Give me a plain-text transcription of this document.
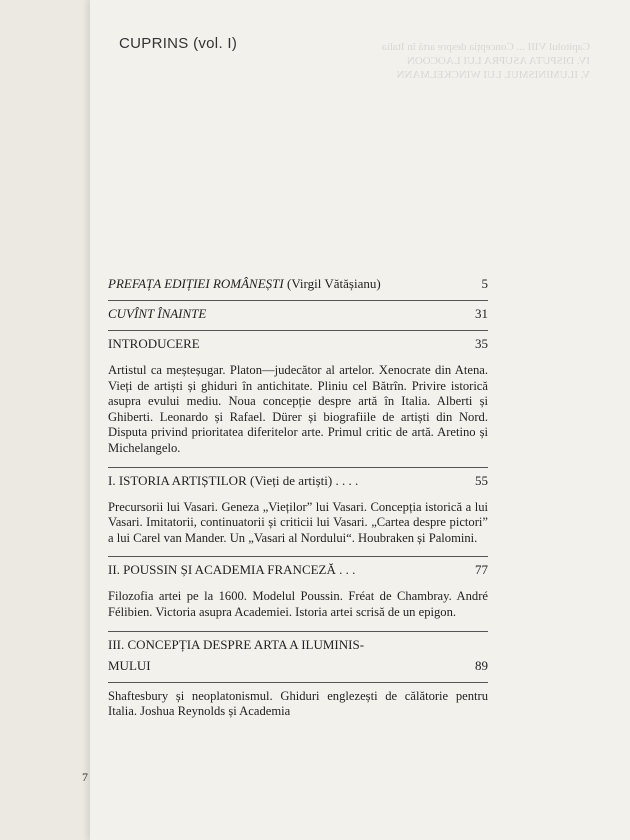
Capitolul VIII ... Concepția despre artă în Italia
IV. DISPUTA ASUPRA LUI LAOCOON
V. ILUMINISMUL LUI WINCKELMANN
CUPRINS (vol. I)
PREFAȚA EDIȚIEI ROMÂNEȘTI (Virgil Vătășianu)	5
CUVÎNT ÎNAINTE	31
INTRODUCERE	35
Artistul ca meșteșugar. Platon—judecător al artelor. Xenocrate din Atena. Vieți de artiști și ghiduri în antichitate. Pliniu cel Bătrîn. Privire istorică asupra evului mediu. Noua concepție despre artă în Italia. Alberti și Ghiberti. Leonardo și Rafael. Dürer și biografiile de artiști din Nord. Disputa privind prioritatea diferitelor arte. Primul critic de artă. Aretino și Michelangelo.
I. ISTORIA ARTIȘTILOR (Vieți de artiști) . . . .	55
Precursorii lui Vasari. Geneza „Viețilorˮ lui Vasari. Concepția istorică a lui Vasari. Imitatorii, continuatorii și criticii lui Vasari. „Cartea despre pictoriˮ a lui Carel van Mander. Un „Vasari al Nordului“. Houbraken și Palomini.
II. POUSSIN ȘI ACADEMIA FRANCEZĂ . . .	77
Filozofia artei pe la 1600. Modelul Poussin. Fréat de Chambray. André Félibien. Victoria asupra Academiei. Istoria artei scrisă de un epigon.
III. CONCEPȚIA DESPRE ARTA A ILUMINIS-
MULUI	89
Shaftesbury și neoplatonismul. Ghiduri englezești de călătorie pentru Italia. Joshua Reynolds și Academia
7
